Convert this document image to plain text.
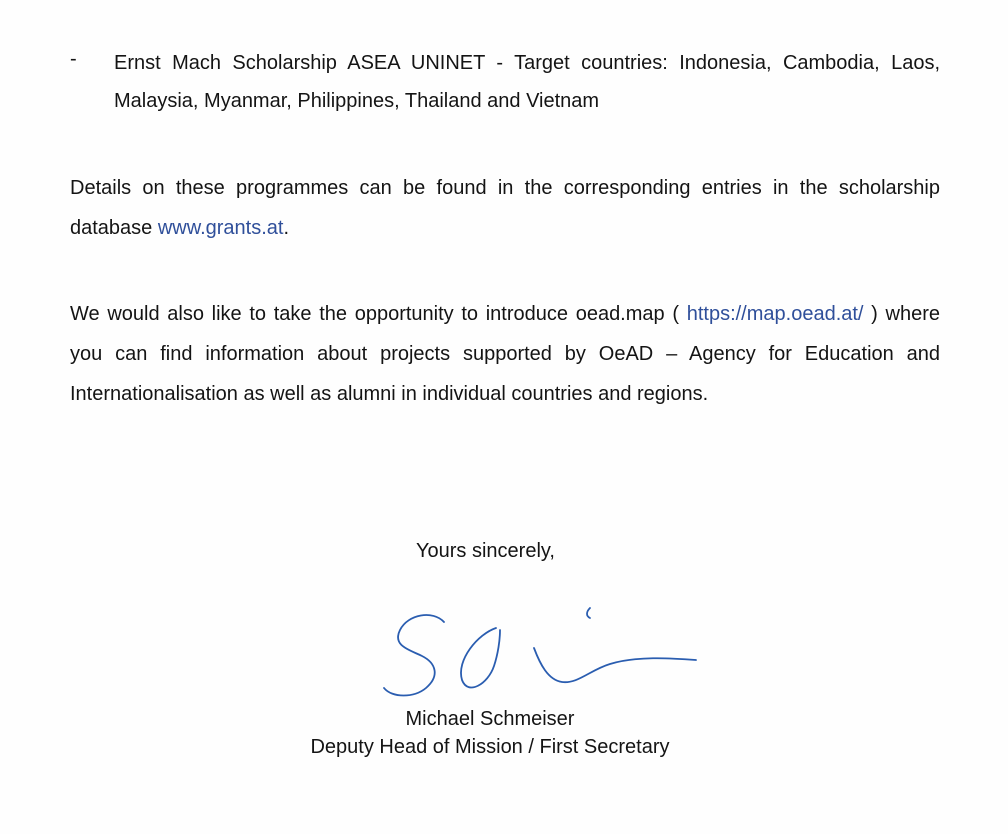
-	Ernst Mach Scholarship ASEA UNINET - Target countries: Indonesia, Cambodia, Laos, Malaysia, Myanmar, Philippines, Thailand and Vietnam
Details on these programmes can be found in the corresponding entries in the scholarship database www.grants.at.
We would also like to take the opportunity to introduce oead.map ( https://map.oead.at/ ) where you can find information about projects supported by OeAD – Agency for Education and Internationalisation as well as alumni in individual countries and regions.
Yours sincerely,
Michael Schmeiser
Deputy Head of Mission / First Secretary
